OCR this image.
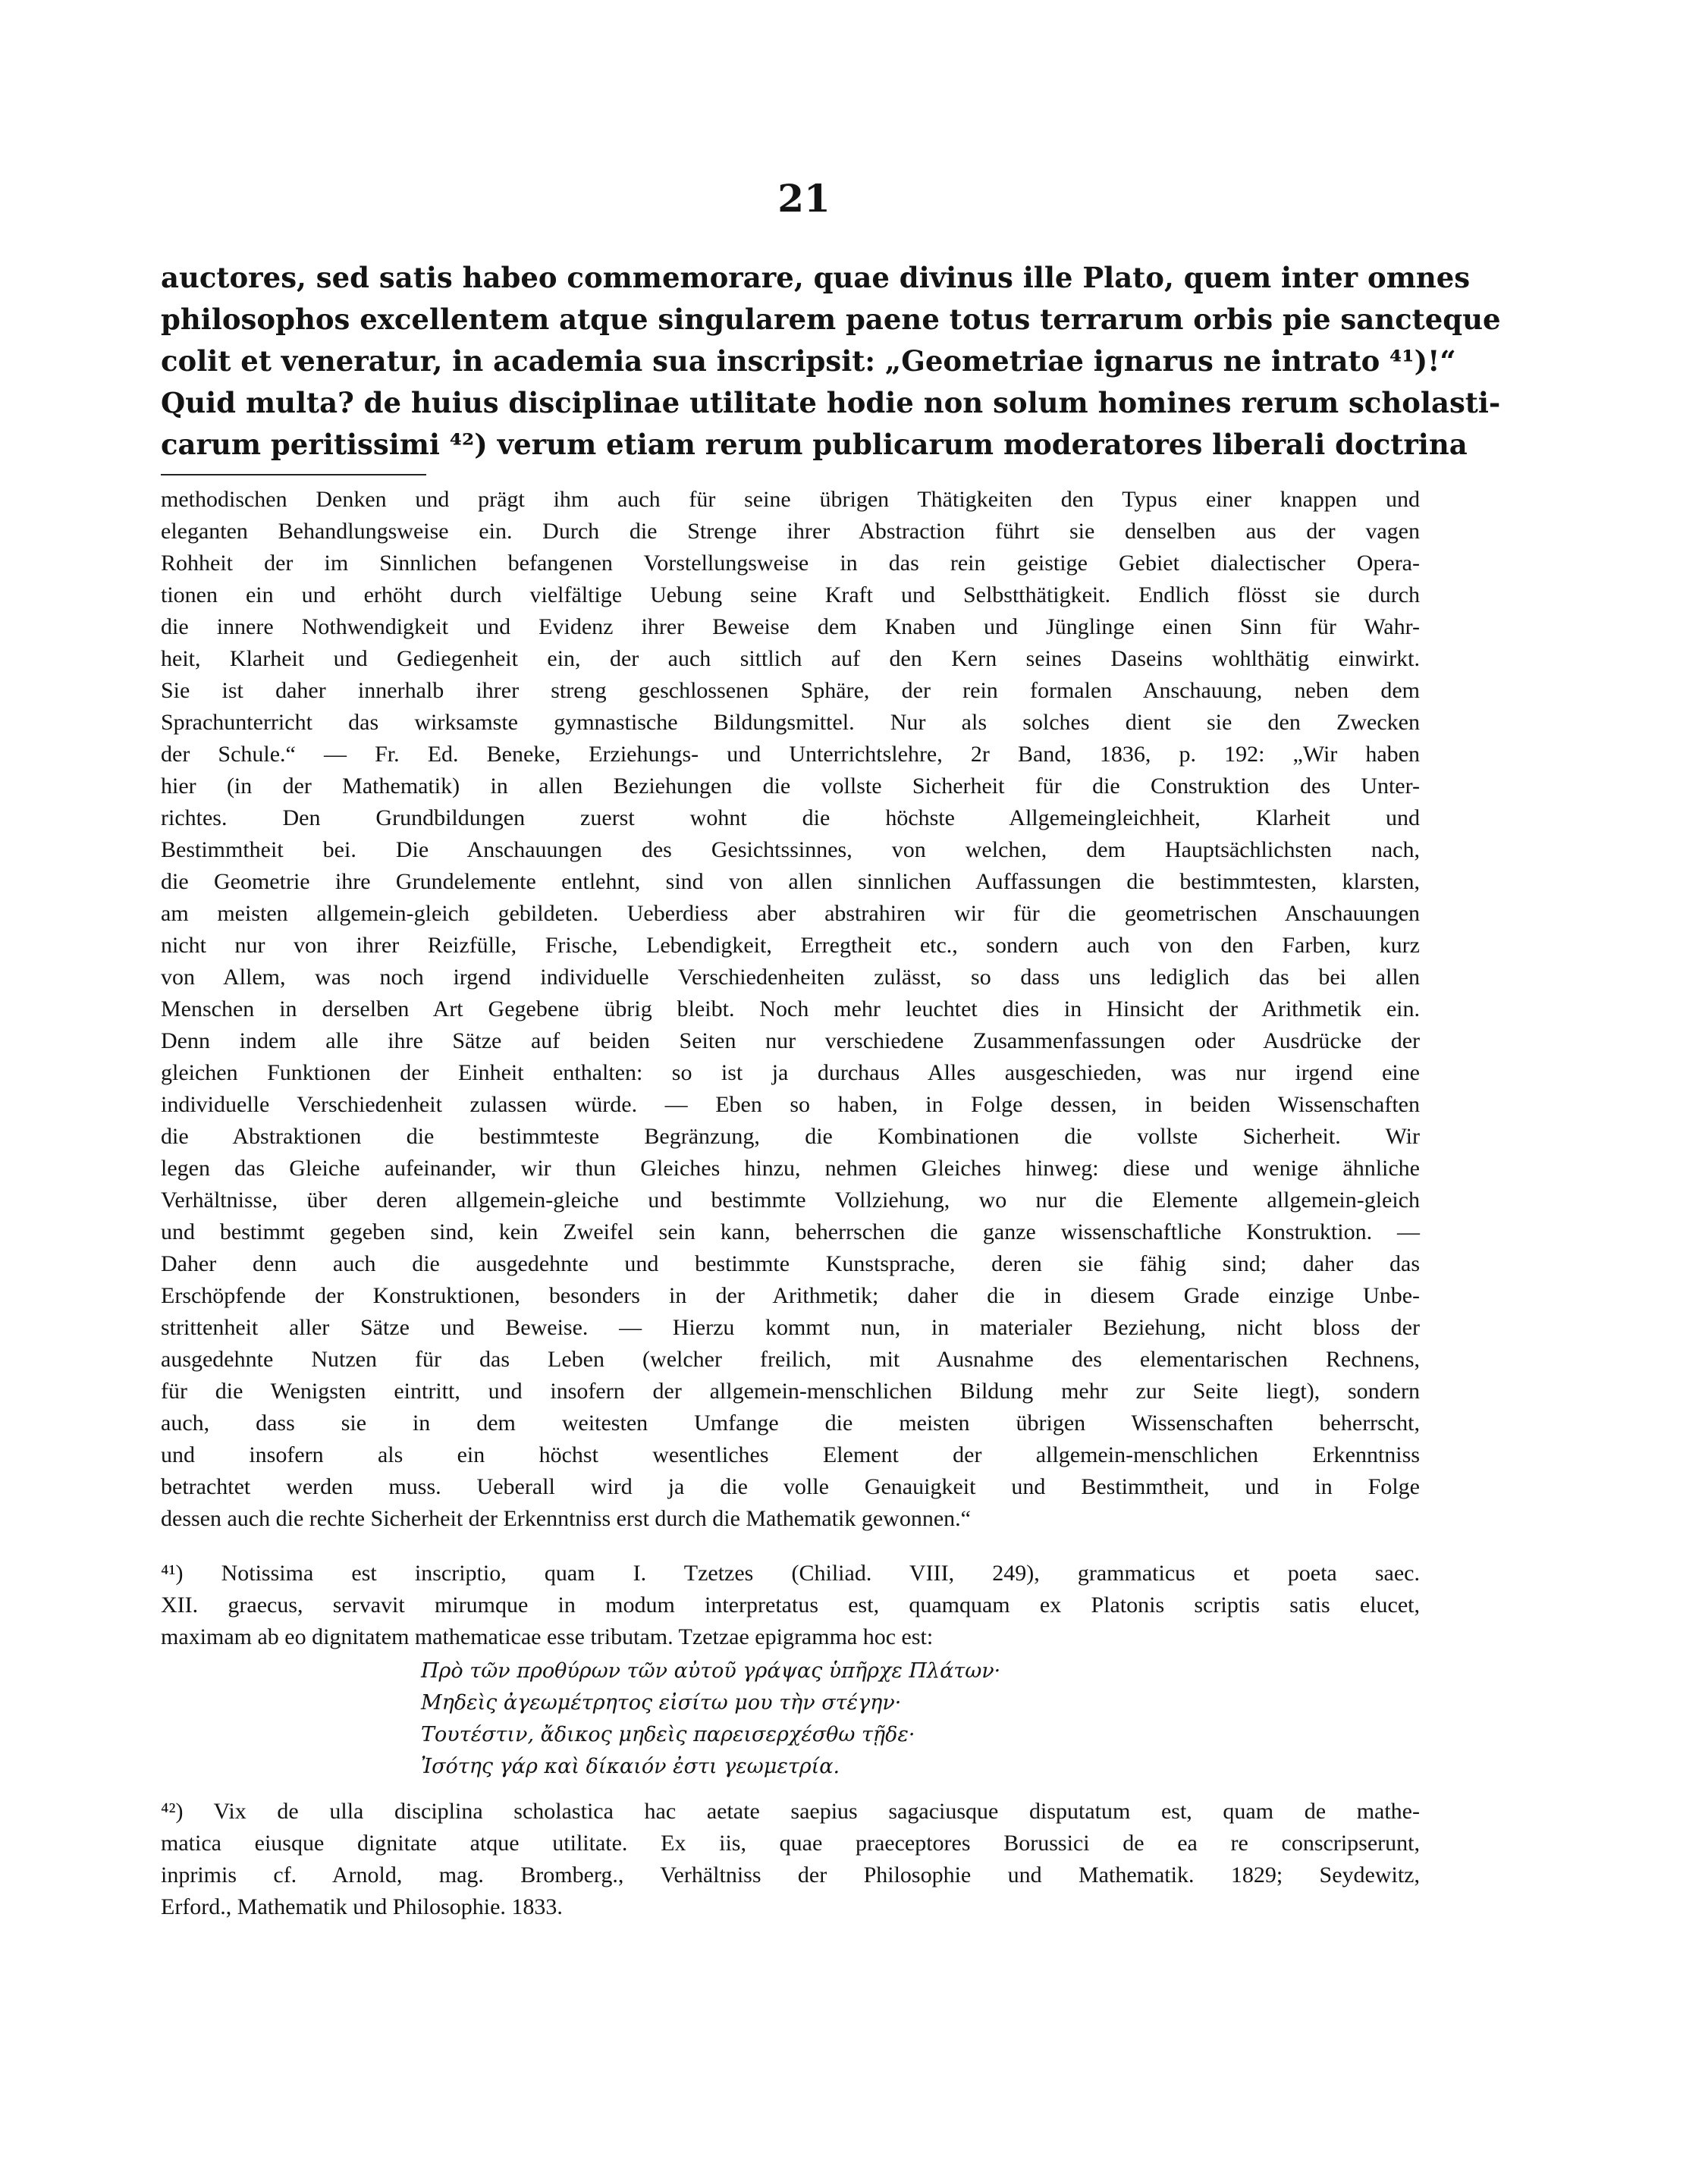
21
auctores, sed satis habeo commemorare, quae divinus ille Plato, quem inter omnes
philosophos excellentem atque singularem paene totus terrarum orbis pie sancteque
colit et veneratur, in academia sua inscripsit: „Geometriae ignarus ne intrato ⁴¹)!“
Quid multa? de huius disciplinae utilitate hodie non solum homines rerum scholasti-
carum peritissimi ⁴²) verum etiam rerum publicarum moderatores liberali doctrina
methodischen Denken und prägt ihm auch für seine übrigen Thätigkeiten den Typus einer knappen und
eleganten Behandlungsweise ein. Durch die Strenge ihrer Abstraction führt sie denselben aus der vagen
Rohheit der im Sinnlichen befangenen Vorstellungsweise in das rein geistige Gebiet dialectischer Opera-
tionen ein und erhöht durch vielfältige Uebung seine Kraft und Selbstthätigkeit. Endlich flösst sie durch
die innere Nothwendigkeit und Evidenz ihrer Beweise dem Knaben und Jünglinge einen Sinn für Wahr-
heit, Klarheit und Gediegenheit ein, der auch sittlich auf den Kern seines Daseins wohlthätig einwirkt.
Sie ist daher innerhalb ihrer streng geschlossenen Sphäre, der rein formalen Anschauung, neben dem
Sprachunterricht das wirksamste gymnastische Bildungsmittel. Nur als solches dient sie den Zwecken
der Schule.“ — Fr. Ed. Beneke, Erziehungs- und Unterrichtslehre, 2r Band, 1836, p. 192: „Wir haben
hier (in der Mathematik) in allen Beziehungen die vollste Sicherheit für die Construktion des Unter-
richtes. Den Grundbildungen zuerst wohnt die höchste Allgemeingleichheit, Klarheit und
Bestimmtheit bei. Die Anschauungen des Gesichtssinnes, von welchen, dem Hauptsächlichsten nach,
die Geometrie ihre Grundelemente entlehnt, sind von allen sinnlichen Auffassungen die bestimmtesten, klarsten,
am meisten allgemein-gleich gebildeten. Ueberdiess aber abstrahiren wir für die geometrischen Anschauungen
nicht nur von ihrer Reizfülle, Frische, Lebendigkeit, Erregtheit etc., sondern auch von den Farben, kurz
von Allem, was noch irgend individuelle Verschiedenheiten zulässt, so dass uns lediglich das bei allen
Menschen in derselben Art Gegebene übrig bleibt. Noch mehr leuchtet dies in Hinsicht der Arithmetik ein.
Denn indem alle ihre Sätze auf beiden Seiten nur verschiedene Zusammenfassungen oder Ausdrücke der
gleichen Funktionen der Einheit enthalten: so ist ja durchaus Alles ausgeschieden, was nur irgend eine
individuelle Verschiedenheit zulassen würde. — Eben so haben, in Folge dessen, in beiden Wissenschaften
die Abstraktionen die bestimmteste Begränzung, die Kombinationen die vollste Sicherheit. Wir
legen das Gleiche aufeinander, wir thun Gleiches hinzu, nehmen Gleiches hinweg: diese und wenige ähnliche
Verhältnisse, über deren allgemein-gleiche und bestimmte Vollziehung, wo nur die Elemente allgemein-gleich
und bestimmt gegeben sind, kein Zweifel sein kann, beherrschen die ganze wissenschaftliche Konstruktion. —
Daher denn auch die ausgedehnte und bestimmte Kunstsprache, deren sie fähig sind; daher das
Erschöpfende der Konstruktionen, besonders in der Arithmetik; daher die in diesem Grade einzige Unbe-
strittenheit aller Sätze und Beweise. — Hierzu kommt nun, in materialer Beziehung, nicht bloss der
ausgedehnte Nutzen für das Leben (welcher freilich, mit Ausnahme des elementarischen Rechnens,
für die Wenigsten eintritt, und insofern der allgemein-menschlichen Bildung mehr zur Seite liegt), sondern
auch, dass sie in dem weitesten Umfange die meisten übrigen Wissenschaften beherrscht,
und insofern als ein höchst wesentliches Element der allgemein-menschlichen Erkenntniss
betrachtet werden muss. Ueberall wird ja die volle Genauigkeit und Bestimmtheit, und in Folge
dessen auch die rechte Sicherheit der Erkenntniss erst durch die Mathematik gewonnen.“
⁴¹) Notissima est inscriptio, quam I. Tzetzes (Chiliad. VIII, 249), grammaticus et poeta saec.
XII. graecus, servavit mirumque in modum interpretatus est, quamquam ex Platonis scriptis satis elucet,
maximam ab eo dignitatem mathematicae esse tributam. Tzetzae epigramma hoc est:
Πρὸ τῶν προθύρων τῶν αὐτοῦ γράψας ὑπῆρχε Πλάτων·
Μηδεὶς ἀγεωμέτρητος εἰσίτω μου τὴν στέγην·
Τουτέστιν, ἄδικος μηδεὶς παρεισερχέσθω τῇδε·
Ἰσότης γάρ καὶ δίκαιόν ἐστι γεωμετρία.
⁴²) Vix de ulla disciplina scholastica hac aetate saepius sagaciusque disputatum est, quam de mathe-
matica eiusque dignitate atque utilitate. Ex iis, quae praeceptores Borussici de ea re conscripserunt,
inprimis cf. Arnold, mag. Bromberg., Verhältniss der Philosophie und Mathematik. 1829; Seydewitz,
Erford., Mathematik und Philosophie. 1833.
